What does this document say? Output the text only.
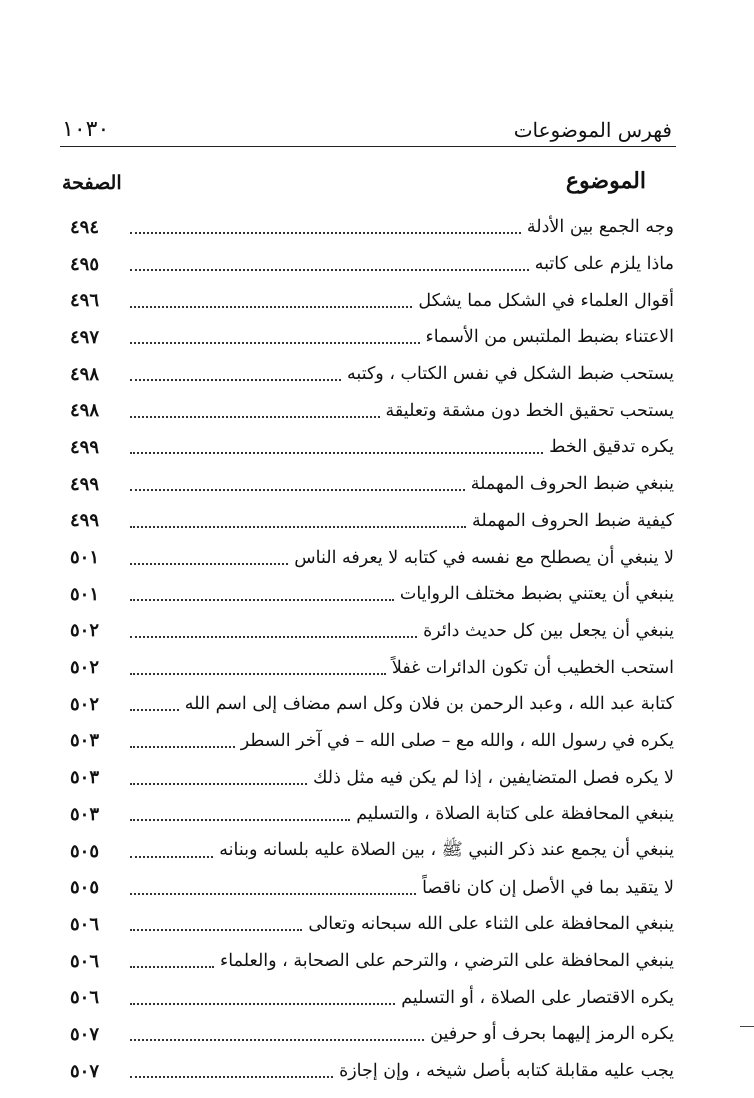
١٠٣٠	فهرس الموضوعات
الصفحة	الموضوع
٤٩٤	وجه الجمع بين الأدلة
٤٩٥	ماذا يلزم على كاتبه
٤٩٦	أقوال العلماء في الشكل مما يشكل
٤٩٧	الاعتناء بضبط الملتبس من الأسماء
٤٩٨	يستحب ضبط الشكل في نفس الكتاب ، وكتبه
٤٩٨	يستحب تحقيق الخط دون مشقة وتعليقة
٤٩٩	يكره تدقيق الخط
٤٩٩	ينبغي ضبط الحروف المهملة
٤٩٩	كيفية ضبط الحروف المهملة
٥٠١	لا ينبغي أن يصطلح مع نفسه في كتابه لا يعرفه الناس
٥٠١	ينبغي أن يعتني بضبط مختلف الروايات
٥٠٢	ينبغي أن يجعل بين كل حديث دائرة
٥٠٢	استحب الخطيب أن تكون الدائرات غفلاً
٥٠٢	كتابة عبد الله ، وعبد الرحمن بن فلان وكل اسم مضاف إلى اسم الله
٥٠٣	يكره في رسول الله ، والله مع – صلى الله – في آخر السطر
٥٠٣	لا يكره فصل المتضايفين ، إذا لم يكن فيه مثل ذلك
٥٠٣	ينبغي المحافظة على كتابة الصلاة ، والتسليم
٥٠٥	ينبغي أن يجمع عند ذكر النبي ﷺ ، بين الصلاة عليه بلسانه وبنانه
٥٠٥	لا يتقيد بما في الأصل إن كان ناقصاً
٥٠٦	ينبغي المحافظة على الثناء على الله سبحانه وتعالى
٥٠٦	ينبغي المحافظة على الترضي ، والترحم على الصحابة ، والعلماء
٥٠٦	يكره الاقتصار على الصلاة ، أو التسليم
٥٠٧	يكره الرمز إليهما بحرف أو حرفين
٥٠٧	يجب عليه مقابلة كتابه بأصل شيخه ، وإن إجازة
